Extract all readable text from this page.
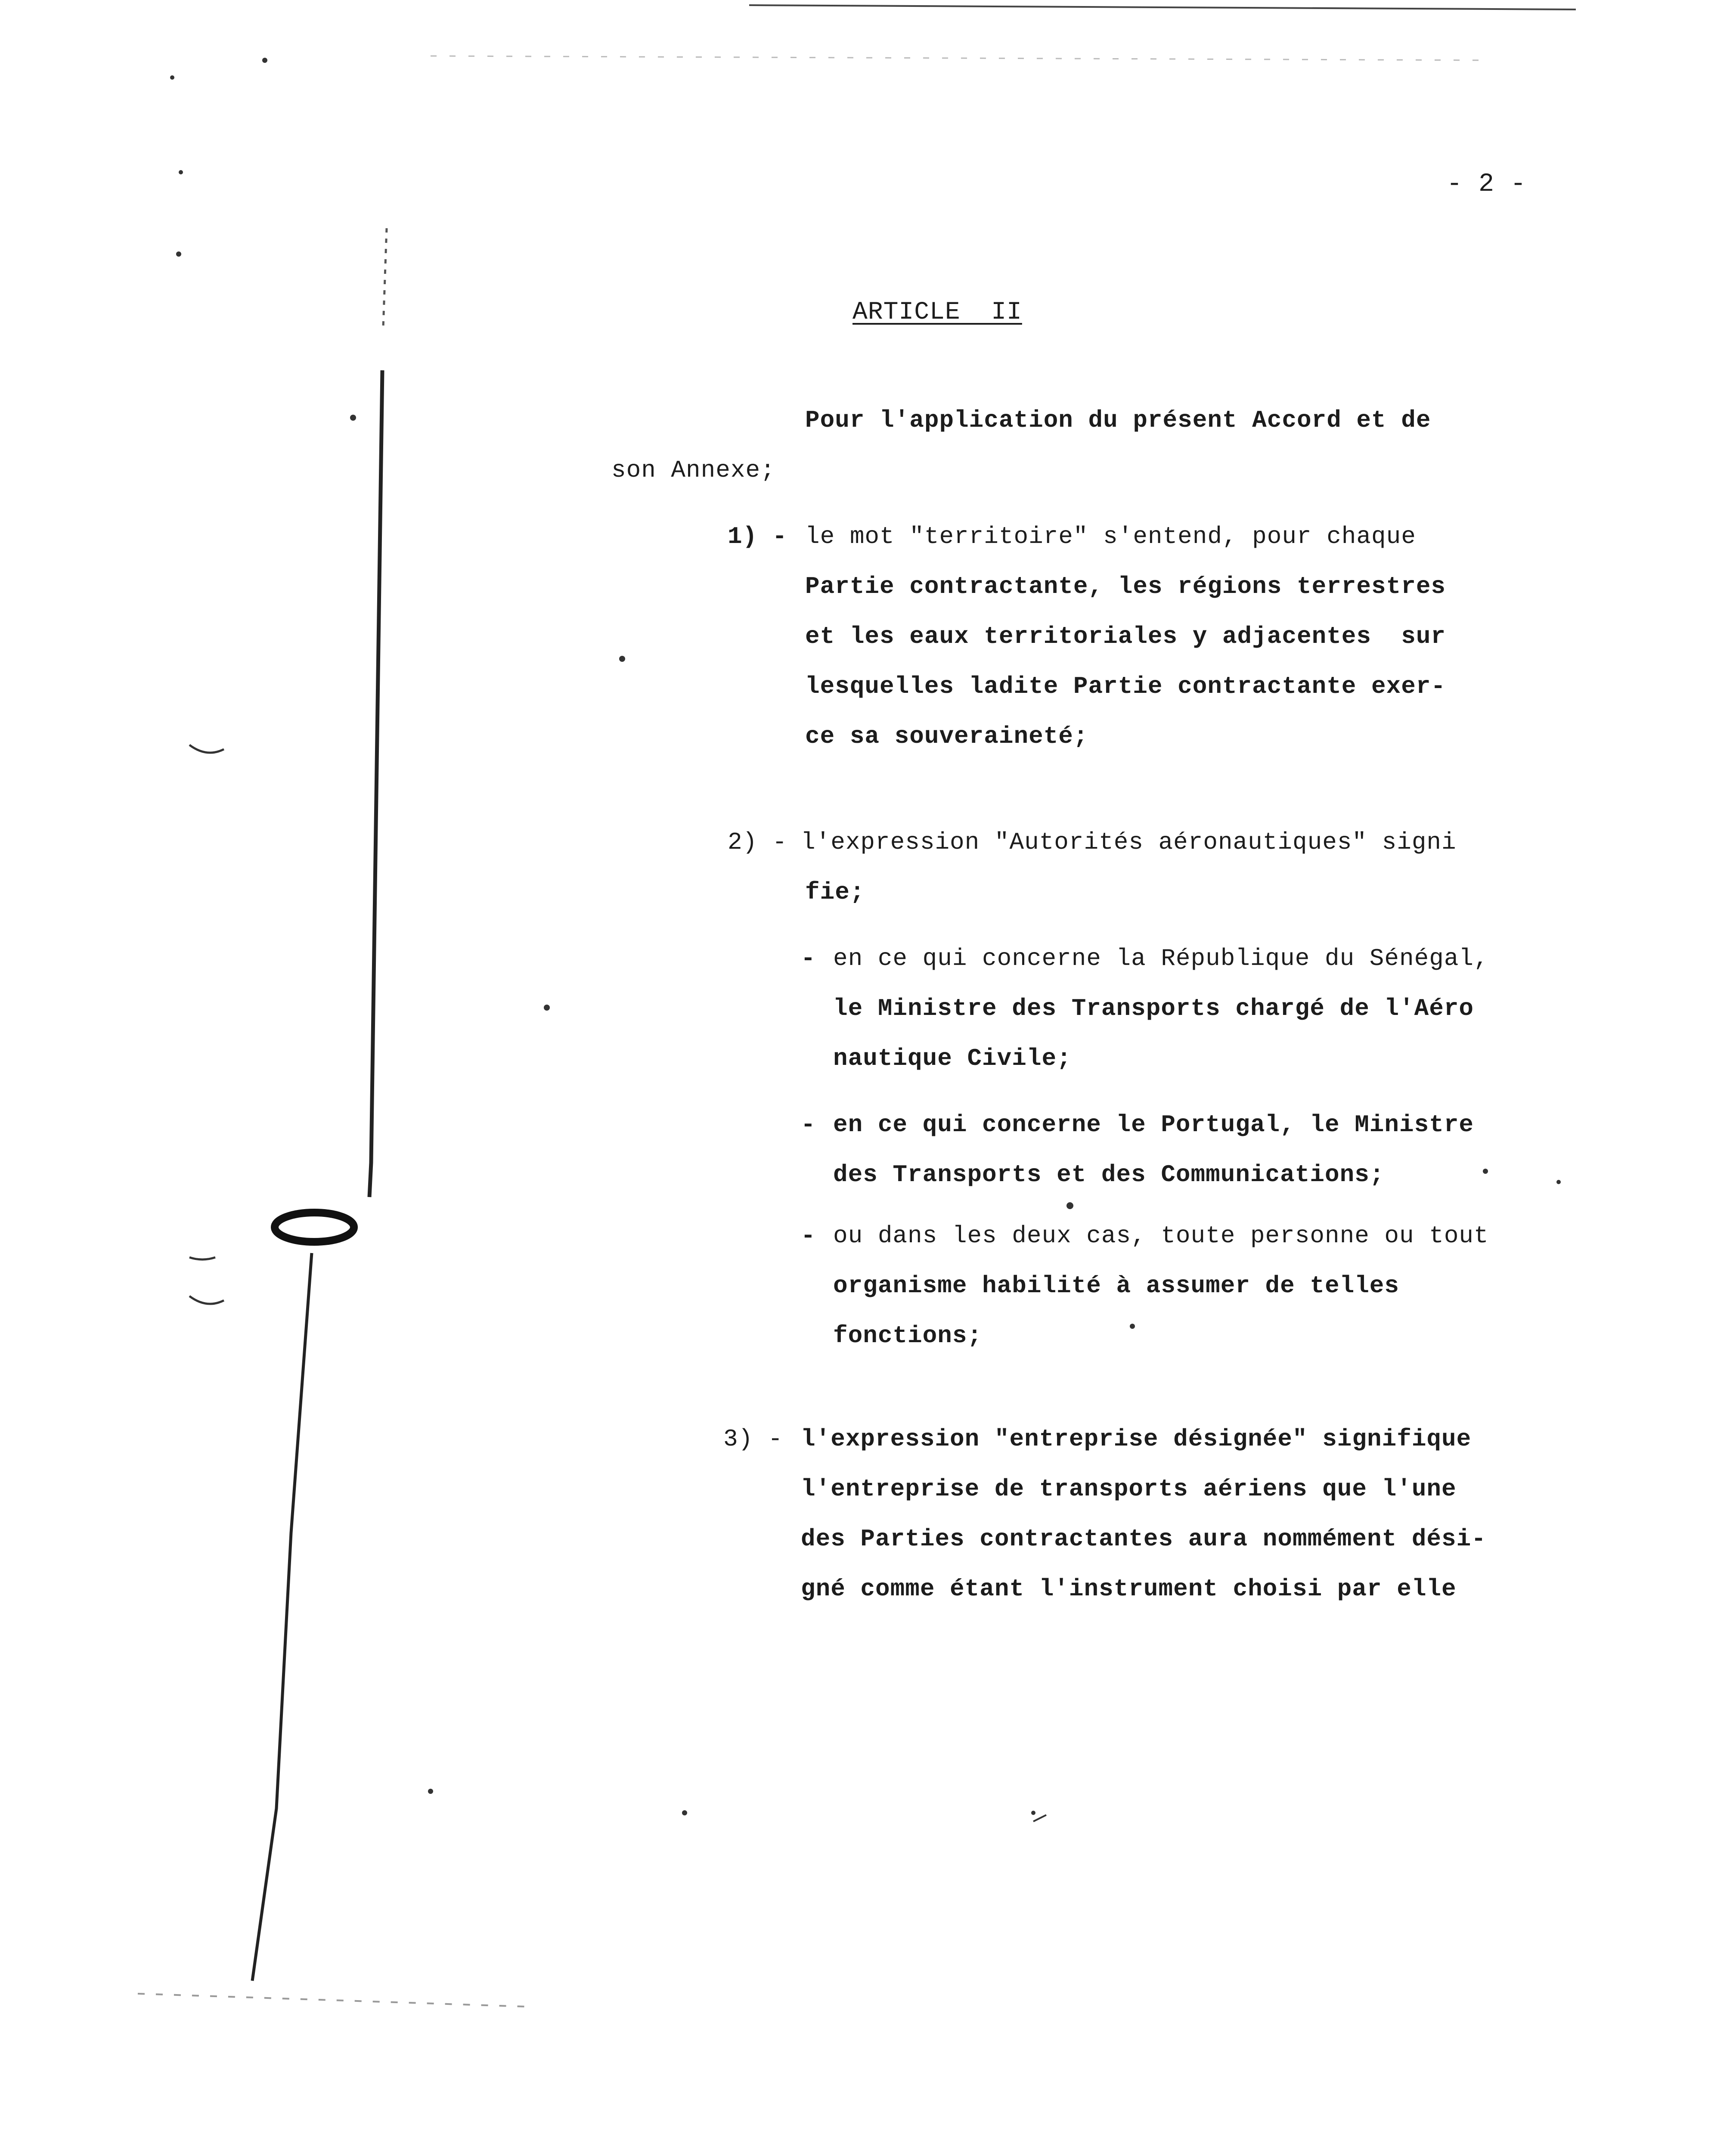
- 2 -
ARTICLE  II
Pour l'application du présent Accord et de
son Annexe;
1) - le mot "territoire" s'entend, pour chaque
Partie contractante, les régions terrestres
et les eaux territoriales y adjacentes  sur
lesquelles ladite Partie contractante exer-
ce sa souveraineté;
2) - l'expression "Autorités aéronautiques" signi
fie;
- en ce qui concerne la République du Sénégal,
le Ministre des Transports chargé de l'Aéro
nautique Civile;
- en ce qui concerne le Portugal, le Ministre
des Transports et des Communications;
- ou dans les deux cas, toute personne ou tout
organisme habilité à assumer de telles
fonctions;
3) - l'expression "entreprise désignée" signifique
l'entreprise de transports aériens que l'une
des Parties contractantes aura nommément dési-
gné comme étant l'instrument choisi par elle
